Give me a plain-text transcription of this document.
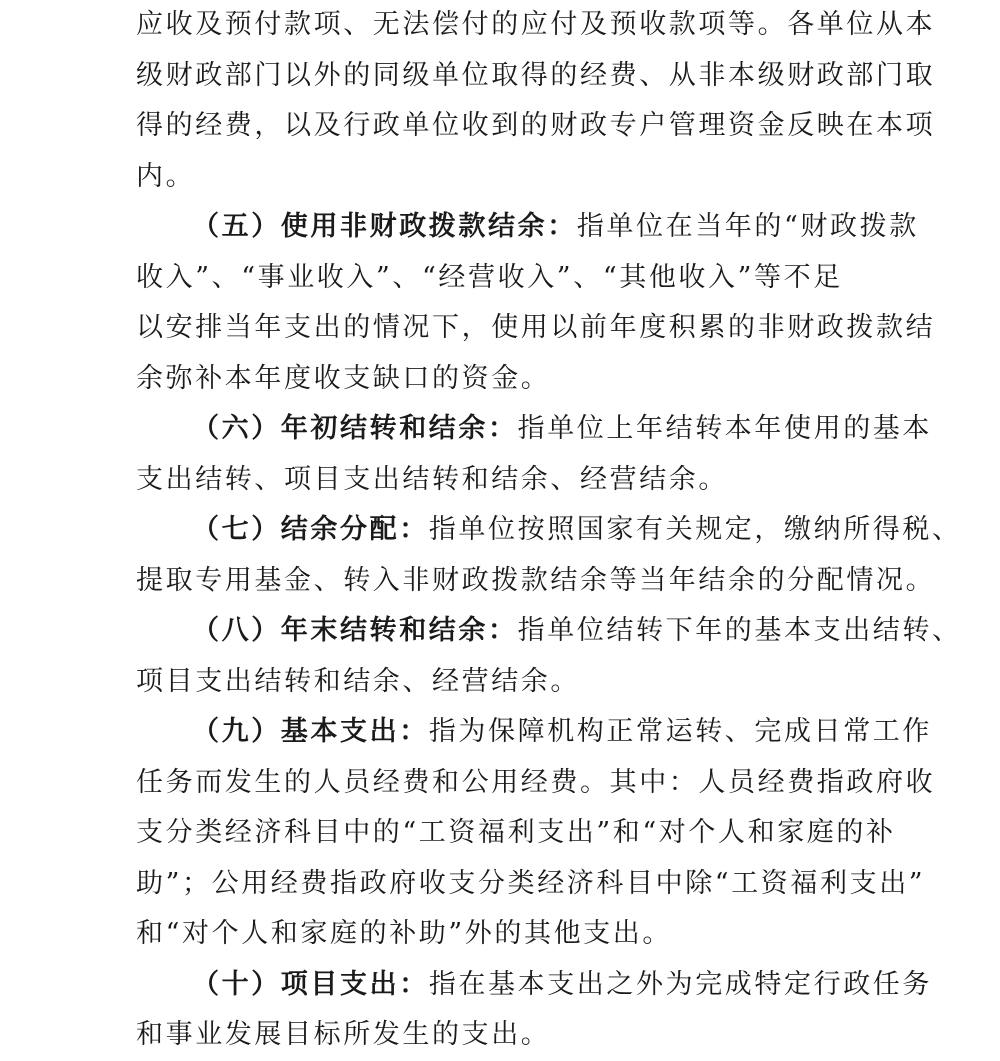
应收及预付款项、无法偿付的应付及预收款项等。各单位从本
级财政部门以外的同级单位取得的经费、从非本级财政部门取
得的经费，以及行政单位收到的财政专户管理资金反映在本项
内。
（五）使用非财政拨款结余：指单位在当年的“财政拨款
收入”、“事业收入”、“经营收入”、“其他收入”等不足
以安排当年支出的情况下，使用以前年度积累的非财政拨款结
余弥补本年度收支缺口的资金。
（六）年初结转和结余：指单位上年结转本年使用的基本
支出结转、项目支出结转和结余、经营结余。
（七）结余分配：指单位按照国家有关规定，缴纳所得税、
提取专用基金、转入非财政拨款结余等当年结余的分配情况。
（八）年末结转和结余：指单位结转下年的基本支出结转、
项目支出结转和结余、经营结余。
（九）基本支出：指为保障机构正常运转、完成日常工作
任务而发生的人员经费和公用经费。其中：人员经费指政府收
支分类经济科目中的“工资福利支出”和“对个人和家庭的补
助”；公用经费指政府收支分类经济科目中除“工资福利支出”
和“对个人和家庭的补助”外的其他支出。
（十）项目支出：指在基本支出之外为完成特定行政任务
和事业发展目标所发生的支出。
